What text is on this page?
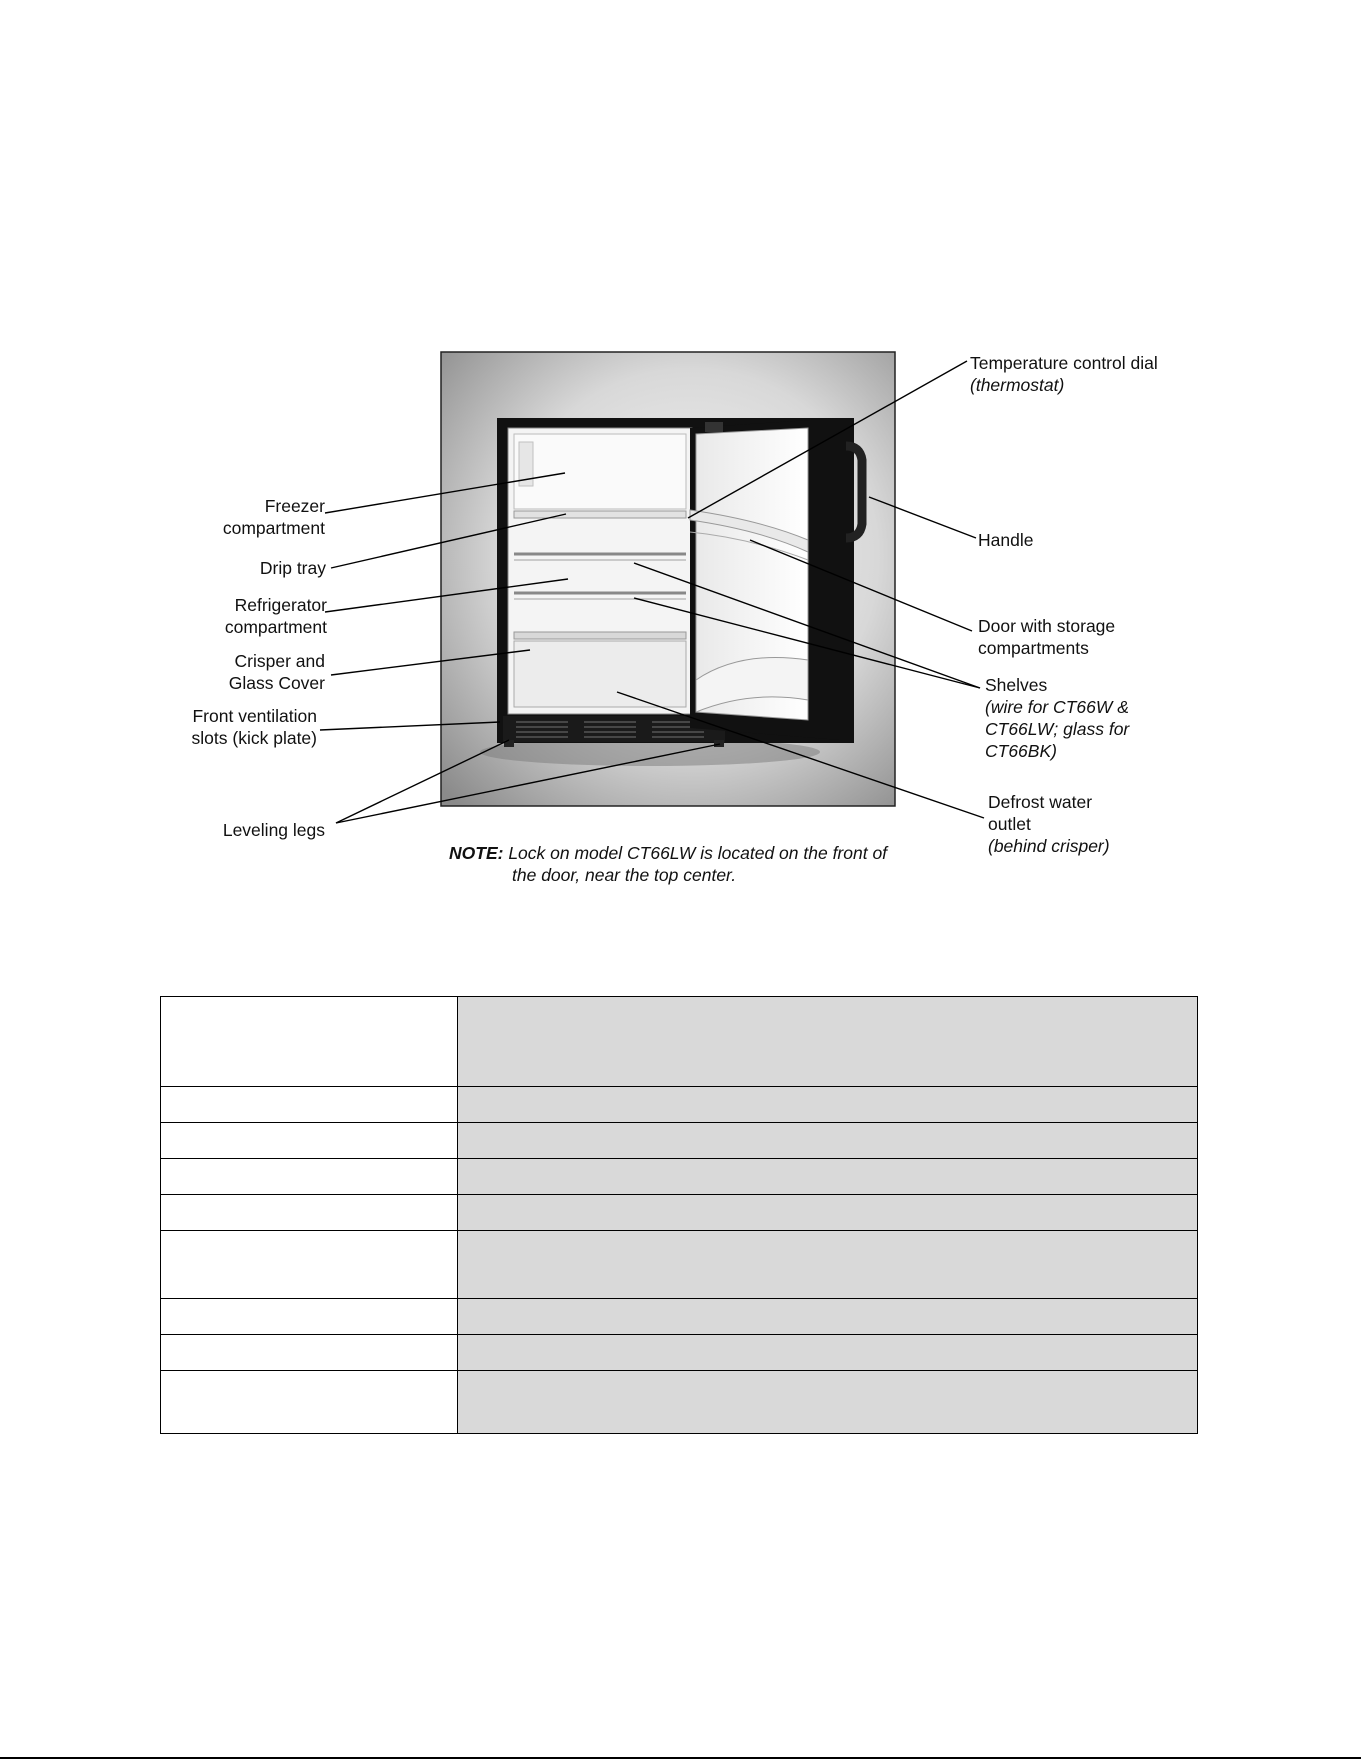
Freezer
compartment
Drip tray
Refrigerator
compartment
Crisper and
Glass Cover
Front ventilation
slots (kick plate)
Leveling legs
Temperature control dial
(thermostat)
Handle
Door with storage
compartments
Shelves
(wire for CT66W &
CT66LW; glass for
CT66BK)
Defrost water
outlet
(behind crisper)
NOTE: Lock on model CT66LW is located on the front of
the door, near the top center.
